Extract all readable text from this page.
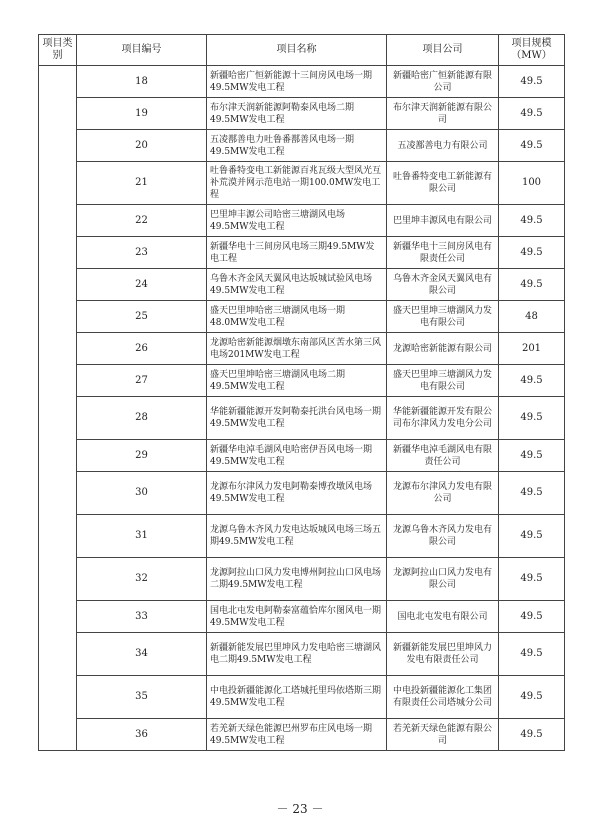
项目类别	项目编号	项目名称	项目公司	项目规模（MW）
	18	新疆哈密广恒新能源十三间房风电场一期49.5MW发电工程	新疆哈密广恒新能源有限公司	49.5
	19	布尔津天润新能源阿勒泰风电场二期49.5MW发电工程	布尔津天润新能源有限公司	49.5
	20	五凌鄯善电力吐鲁番鄯善风电场一期49.5MW发电工程	五凌鄯善电力有限公司	49.5
	21	吐鲁番特变电工新能源百兆瓦级大型风光互补荒漠并网示范电站一期100.0MW发电工程	吐鲁番特变电工新能源有限公司	100
	22	巴里坤丰源公司哈密三塘湖风电场49.5MW发电工程	巴里坤丰源风电有限公司	49.5
	23	新疆华电十三间房风电场三期49.5MW发电工程	新疆华电十三间房风电有限责任公司	49.5
	24	乌鲁木齐金风天翼风电达坂城试验风电场49.5MW发电工程	乌鲁木齐金风天翼风电有限公司	49.5
	25	盛天巴里坤哈密三塘湖风电场一期48.0MW发电工程	盛天巴里坤三塘湖风力发电有限公司	48
	26	龙源哈密新能源烟墩东南部风区苦水第三风电场201MW发电工程	龙源哈密新能源有限公司	201
	27	盛天巴里坤哈密三塘湖风电场二期49.5MW发电工程	盛天巴里坤三塘湖风力发电有限公司	49.5
	28	华能新疆能源开发阿勒泰托洪台风电场一期49.5MW发电工程	华能新疆能源开发有限公司布尔津风力发电分公司	49.5
	29	新疆华电淖毛湖风电哈密伊吾风电场一期49.5MW发电工程	新疆华电淖毛湖风电有限责任公司	49.5
	30	龙源布尔津风力发电阿勒泰博孜墩风电场49.5MW发电工程	龙源布尔津风力发电有限公司	49.5
	31	龙源乌鲁木齐风力发电达坂城风电场三场五期49.5MW发电工程	龙源乌鲁木齐风力发电有限公司	49.5
	32	龙源阿拉山口风力发电博州阿拉山口风电场二期49.5MW发电工程	龙源阿拉山口风力发电有限公司	49.5
	33	国电北屯发电阿勒泰富蕴恰库尔图风电一期49.5MW发电工程	国电北屯发电有限公司	49.5
	34	新疆新能发展巴里坤风力发电哈密三塘湖风电二期49.5MW发电工程	新疆新能发展巴里坤风力发电有限责任公司	49.5
	35	中电投新疆能源化工塔城托里玛依塔斯三期49.5MW发电工程	中电投新疆能源化工集团有限责任公司塔城分公司	49.5
	36	若羌新天绿色能源巴州罗布庄风电场一期49.5MW发电工程	若羌新天绿色能源有限公司	49.5
－ 23 －
